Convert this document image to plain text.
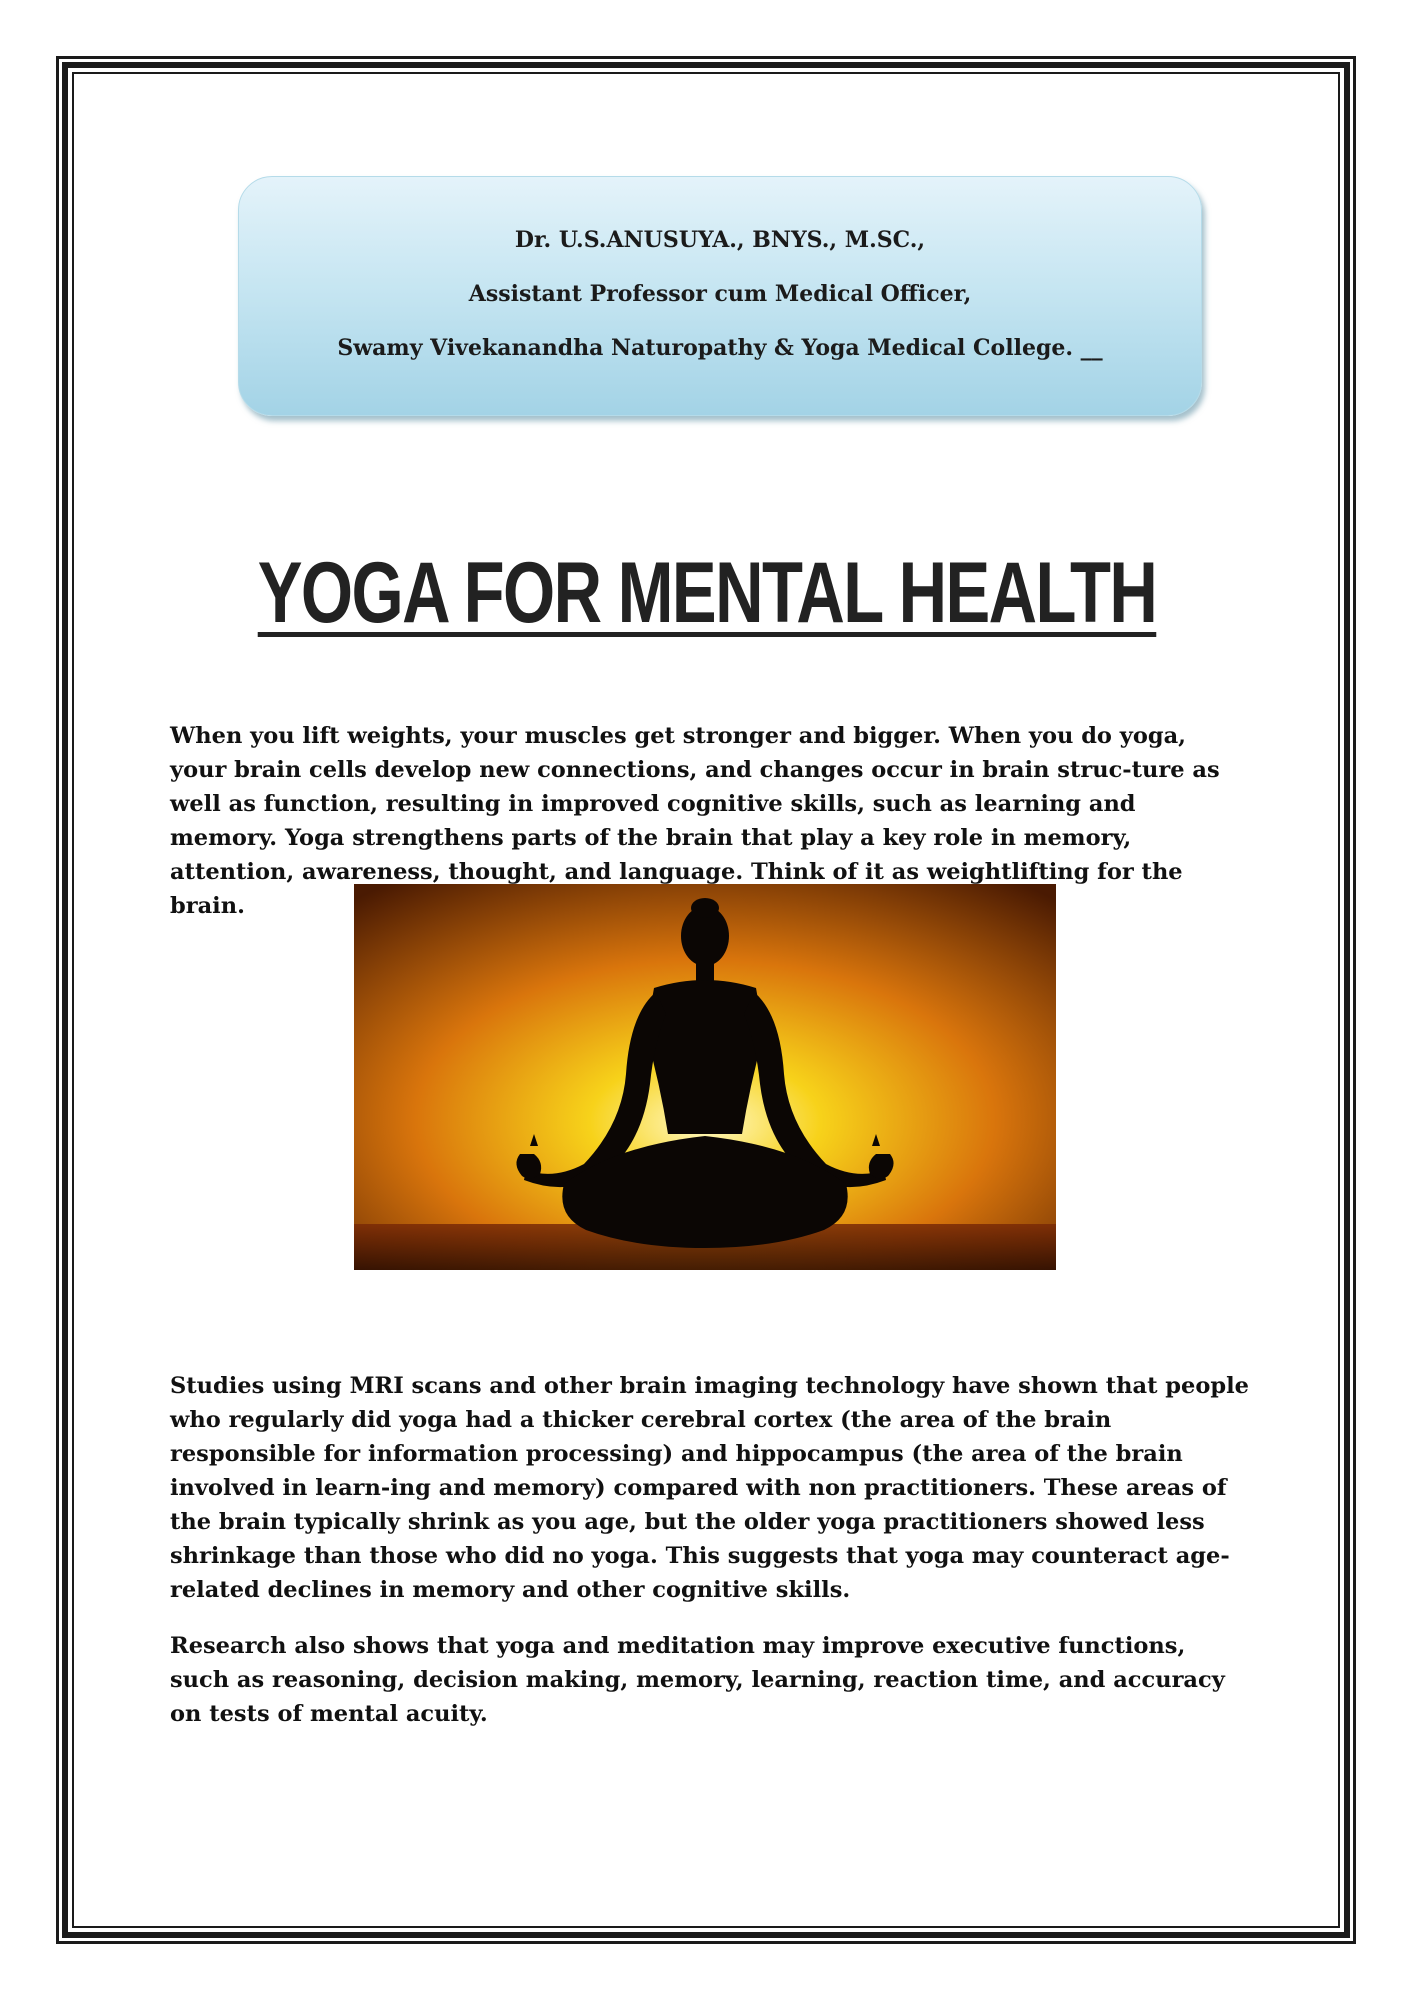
Dr. U.S.ANUSUYA., BNYS., M.SC.,
Assistant Professor cum Medical Officer,
Swamy Vivekanandha Naturopathy & Yoga Medical College. __
YOGA FOR MENTAL HEALTH

When you lift weights, your muscles get stronger and bigger. When you do yoga, your brain cells develop new connections, and changes occur in brain struc-ture as well as function, resulting in improved cognitive skills, such as learning and memory. Yoga strengthens parts of the brain that play a key role in memory, attention, awareness, thought, and language. Think of it as weightlifting for the brain.

Studies using MRI scans and other brain imaging technology have shown that people who regularly did yoga had a thicker cerebral cortex (the area of the brain responsible for information processing) and hippocampus (the area of the brain involved in learn-ing and memory) compared with non practitioners. These areas of the brain typically shrink as you age, but the older yoga practitioners showed less shrinkage than those who did no yoga. This suggests that yoga may counteract age-related declines in memory and other cognitive skills.

Research also shows that yoga and meditation may improve executive functions, such as reasoning, decision making, memory, learning, reaction time, and accuracy on tests of mental acuity.
